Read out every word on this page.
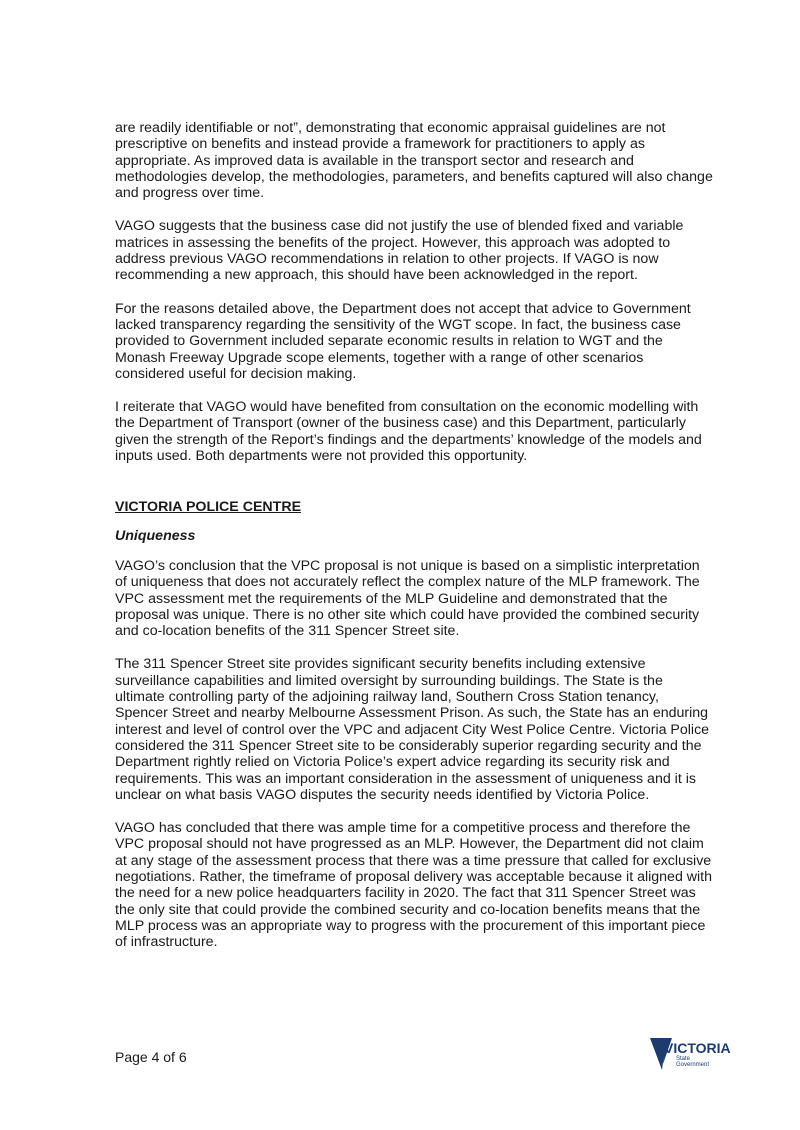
are readily identifiable or not”, demonstrating that economic appraisal guidelines are not prescriptive on benefits and instead provide a framework for practitioners to apply as appropriate. As improved data is available in the transport sector and research and methodologies develop, the methodologies, parameters, and benefits captured will also change and progress over time.

VAGO suggests that the business case did not justify the use of blended fixed and variable matrices in assessing the benefits of the project. However, this approach was adopted to address previous VAGO recommendations in relation to other projects. If VAGO is now recommending a new approach, this should have been acknowledged in the report.

For the reasons detailed above, the Department does not accept that advice to Government lacked transparency regarding the sensitivity of the WGT scope. In fact, the business case provided to Government included separate economic results in relation to WGT and the Monash Freeway Upgrade scope elements, together with a range of other scenarios considered useful for decision making.

I reiterate that VAGO would have benefited from consultation on the economic modelling with the Department of Transport (owner of the business case) and this Department, particularly given the strength of the Report’s findings and the departments’ knowledge of the models and inputs used. Both departments were not provided this opportunity.

VICTORIA POLICE CENTRE

Uniqueness

VAGO’s conclusion that the VPC proposal is not unique is based on a simplistic interpretation of uniqueness that does not accurately reflect the complex nature of the MLP framework. The VPC assessment met the requirements of the MLP Guideline and demonstrated that the proposal was unique. There is no other site which could have provided the combined security and co-location benefits of the 311 Spencer Street site.

The 311 Spencer Street site provides significant security benefits including extensive surveillance capabilities and limited oversight by surrounding buildings. The State is the ultimate controlling party of the adjoining railway land, Southern Cross Station tenancy, Spencer Street and nearby Melbourne Assessment Prison. As such, the State has an enduring interest and level of control over the VPC and adjacent City West Police Centre. Victoria Police considered the 311 Spencer Street site to be considerably superior regarding security and the Department rightly relied on Victoria Police’s expert advice regarding its security risk and requirements. This was an important consideration in the assessment of uniqueness and it is unclear on what basis VAGO disputes the security needs identified by Victoria Police.

VAGO has concluded that there was ample time for a competitive process and therefore the VPC proposal should not have progressed as an MLP. However, the Department did not claim at any stage of the assessment process that there was a time pressure that called for exclusive negotiations. Rather, the timeframe of proposal delivery was acceptable because it aligned with the need for a new police headquarters facility in 2020. The fact that 311 Spencer Street was the only site that could provide the combined security and co-location benefits means that the MLP process was an appropriate way to progress with the procurement of this important piece of infrastructure.

Page 4 of 6
VICTORIA
State
Government
